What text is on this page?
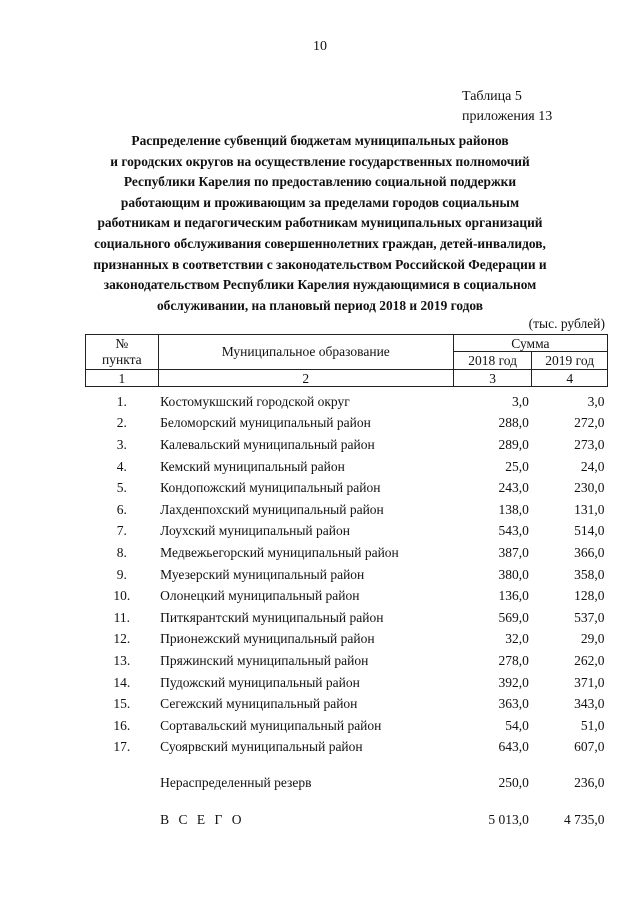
10
Таблица 5
приложения 13
Распределение субвенций бюджетам муниципальных районов
и городских округов на осуществление государственных полномочий
Республики Карелия по предоставлению социальной поддержки
работающим и проживающим за пределами городов социальным
работникам и педагогическим работникам муниципальных организаций
социального обслуживания совершеннолетних граждан, детей-инвалидов,
признанных в соответствии с законодательством Российской Федерации и
законодательством Республики Карелия нуждающимися в социальном
обслуживании, на плановый период 2018 и 2019 годов
(тыс. рублей)
№
пункта	Муниципальное образование	Сумма	
		2018 год	2019 год
1	2	3	4
1.	Костомукшский городской округ	3,0	3,0
2.	Беломорский муниципальный район	288,0	272,0
3.	Калевальский муниципальный район	289,0	273,0
4.	Кемский муниципальный район	25,0	24,0
5.	Кондопожский муниципальный район	243,0	230,0
6.	Лахденпохский муниципальный район	138,0	131,0
7.	Лоухский муниципальный район	543,0	514,0
8.	Медвежьегорский муниципальный район	387,0	366,0
9.	Муезерский муниципальный район	380,0	358,0
10.	Олонецкий муниципальный район	136,0	128,0
11.	Питкярантский муниципальный район	569,0	537,0
12.	Прионежский муниципальный район	32,0	29,0
13.	Пряжинский муниципальный район	278,0	262,0
14.	Пудожский муниципальный район	392,0	371,0
15.	Сегежский муниципальный район	363,0	343,0
16.	Сортавальский муниципальный район	54,0	51,0
17.	Суоярвский муниципальный район	643,0	607,0

	Нераспределенный резерв	250,0	236,0

	В С Е Г О	5 013,0	4 735,0
